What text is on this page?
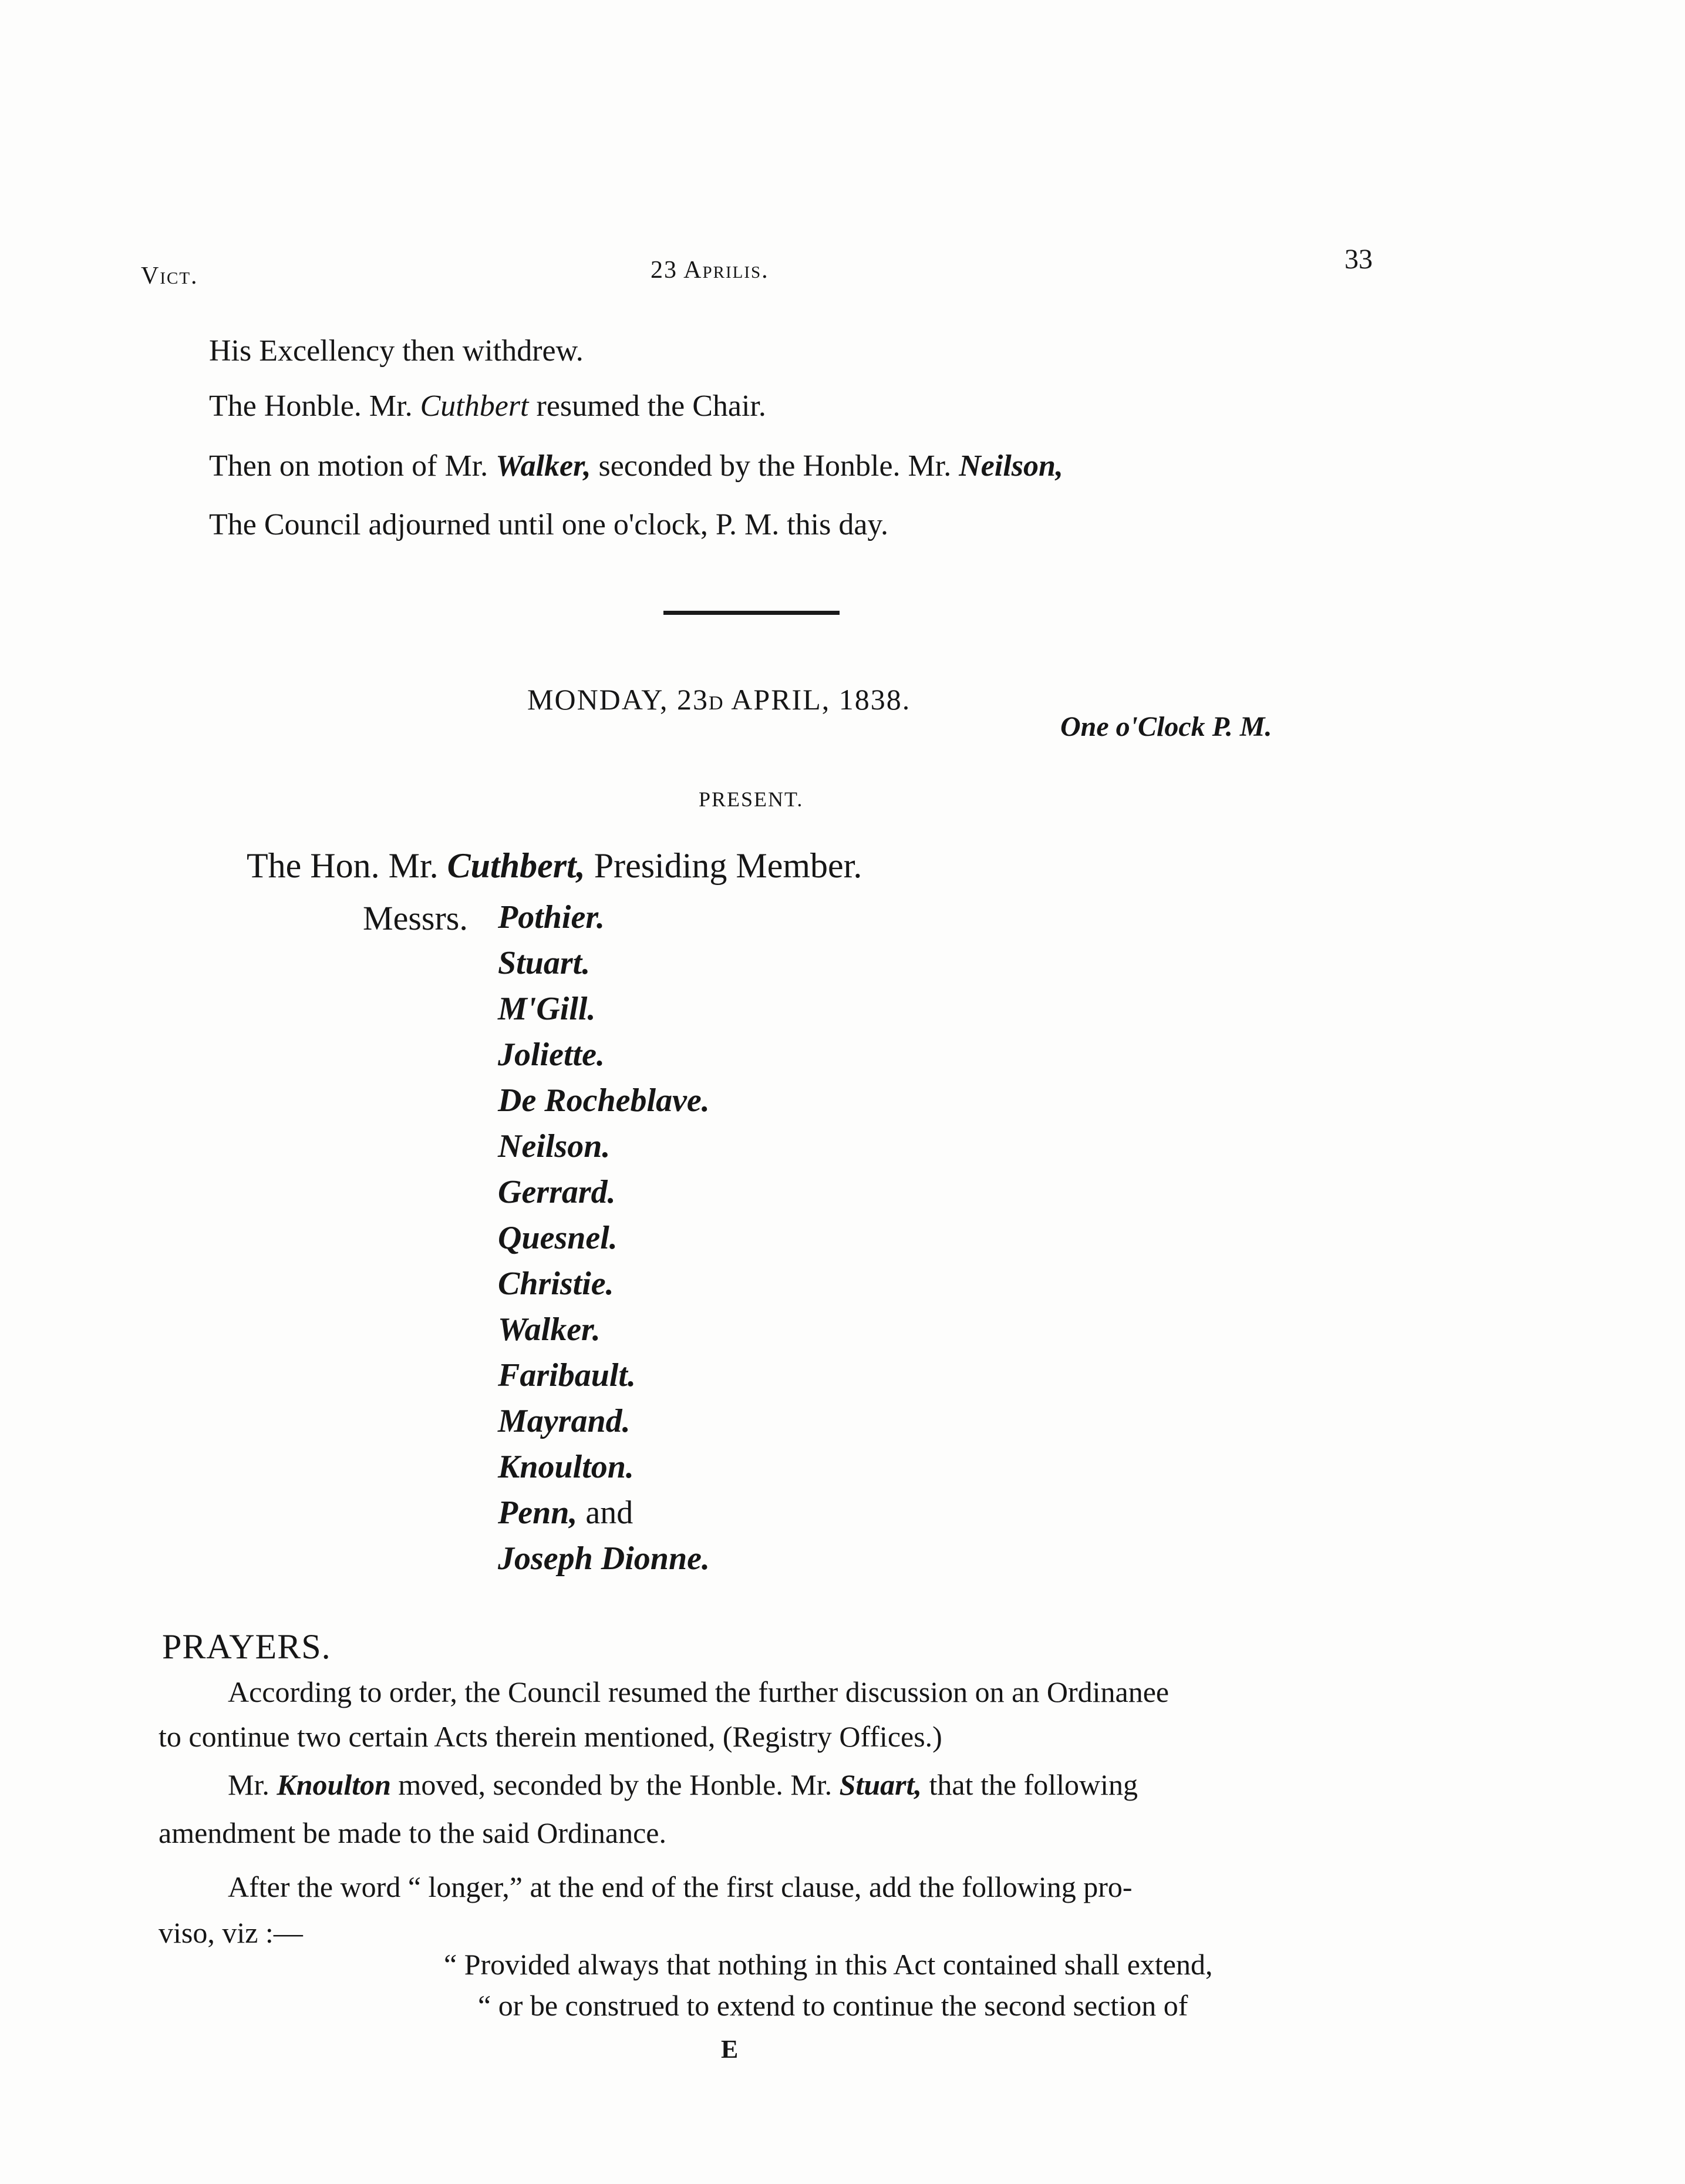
Vict.	23 Aprilis.	33
His Excellency then withdrew.
The Honble. Mr. Cuthbert resumed the Chair.
Then on motion of Mr. Walker, seconded by the Honble. Mr. Neilson,
The Council adjourned until one o'clock, P. M. this day.
MONDAY, 23D APRIL, 1838.
One o'Clock P. M.
PRESENT.
The Hon. Mr. Cuthbert, Presiding Member.
Messrs. Pothier.
Stuart.
M'Gill.
Joliette.
De Rocheblave.
Neilson.
Gerrard.
Quesnel.
Christie.
Walker.
Faribault.
Mayrand.
Knoulton.
Penn, and
Joseph Dionne.
PRAYERS.
According to order, the Council resumed the further discussion on an Ordinanee
to continue two certain Acts therein mentioned, (Registry Offices.)
Mr. Knoulton moved, seconded by the Honble. Mr. Stuart, that the following
amendment be made to the said Ordinance.
After the word “ longer,” at the end of the first clause, add the following pro-
viso, viz :—
“ Provided always that nothing in this Act contained shall extend,
“ or be construed to extend to continue the second section of
E
